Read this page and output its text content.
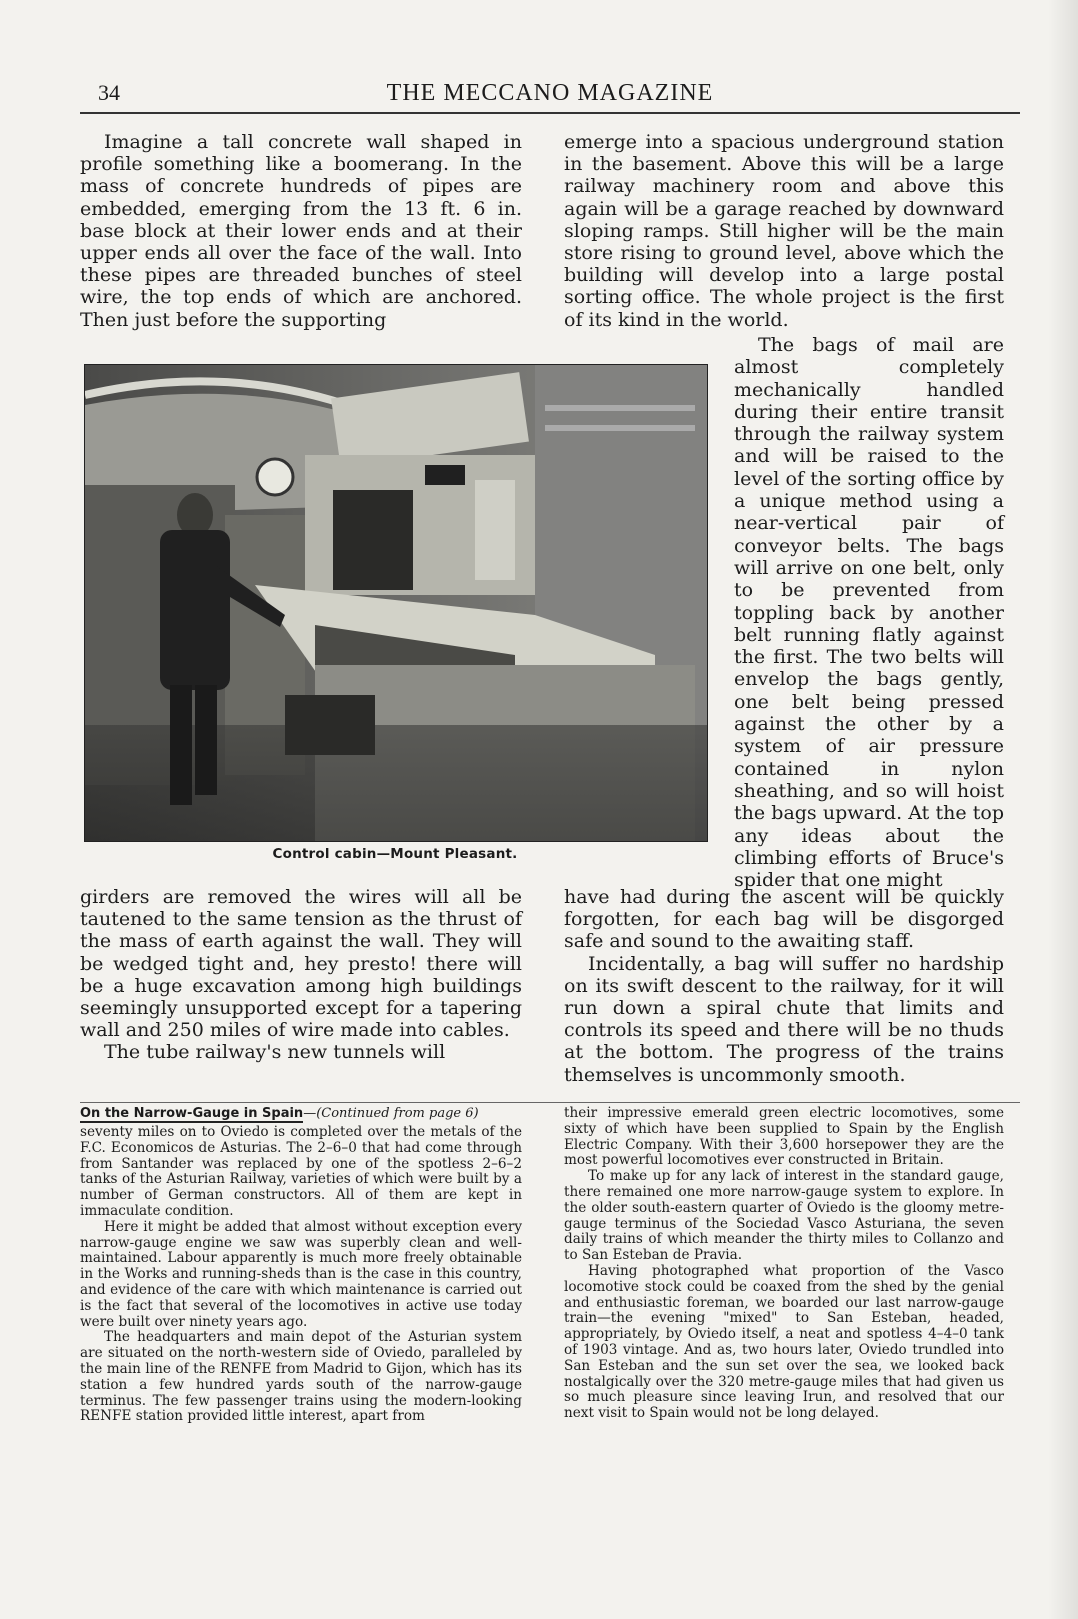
34	THE MECCANO MAGAZINE

Imagine a tall concrete wall shaped in profile something like a boomerang. In the mass of concrete hundreds of pipes are embedded, emerging from the 13 ft. 6 in. base block at their lower ends and at their upper ends all over the face of the wall. Into these pipes are threaded bunches of steel wire, the top ends of which are anchored. Then just before the supporting

emerge into a spacious underground station in the basement. Above this will be a large railway machinery room and above this again will be a garage reached by downward sloping ramps. Still higher will be the main store rising to ground level, above which the building will develop into a large postal sorting office. The whole project is the first of its kind in the world.

Control cabin—Mount Pleasant.

The bags of mail are almost completely mechanically handled during their entire transit through the railway system and will be raised to the level of the sorting office by a unique method using a near-vertical pair of conveyor belts. The bags will arrive on one belt, only to be prevented from toppling back by another belt running flatly against the first. The two belts will envelop the bags gently, one belt being pressed against the other by a system of air pressure contained in nylon sheathing, and so will hoist the bags upward. At the top any ideas about the climbing efforts of Bruce's spider that one might

girders are removed the wires will all be tautened to the same tension as the thrust of the mass of earth against the wall. They will be wedged tight and, hey presto! there will be a huge excavation among high buildings seemingly unsupported except for a tapering wall and 250 miles of wire made into cables.

The tube railway's new tunnels will

have had during the ascent will be quickly forgotten, for each bag will be disgorged safe and sound to the awaiting staff.

Incidentally, a bag will suffer no hardship on its swift descent to the railway, for it will run down a spiral chute that limits and controls its speed and there will be no thuds at the bottom. The progress of the trains themselves is uncommonly smooth.

On the Narrow-Gauge in Spain—(Continued from page 6)

seventy miles on to Oviedo is completed over the metals of the F.C. Economicos de Asturias. The 2–6–0 that had come through from Santander was replaced by one of the spotless 2–6–2 tanks of the Asturian Railway, varieties of which were built by a number of German constructors. All of them are kept in immaculate condition.

Here it might be added that almost without exception every narrow-gauge engine we saw was superbly clean and well-maintained. Labour apparently is much more freely obtainable in the Works and running-sheds than is the case in this country, and evidence of the care with which maintenance is carried out is the fact that several of the locomotives in active use today were built over ninety years ago.

The headquarters and main depot of the Asturian system are situated on the north-western side of Oviedo, paralleled by the main line of the RENFE from Madrid to Gijon, which has its station a few hundred yards south of the narrow-gauge terminus. The few passenger trains using the modern-looking RENFE station provided little interest, apart from

their impressive emerald green electric locomotives, some sixty of which have been supplied to Spain by the English Electric Company. With their 3,600 horsepower they are the most powerful locomotives ever constructed in Britain.

To make up for any lack of interest in the standard gauge, there remained one more narrow-gauge system to explore. In the older south-eastern quarter of Oviedo is the gloomy metre-gauge terminus of the Sociedad Vasco Asturiana, the seven daily trains of which meander the thirty miles to Collanzo and to San Esteban de Pravia.

Having photographed what proportion of the Vasco locomotive stock could be coaxed from the shed by the genial and enthusiastic foreman, we boarded our last narrow-gauge train—the evening "mixed" to San Esteban, headed, appropriately, by Oviedo itself, a neat and spotless 4–4–0 tank of 1903 vintage. And as, two hours later, Oviedo trundled into San Esteban and the sun set over the sea, we looked back nostalgically over the 320 metre-gauge miles that had given us so much pleasure since leaving Irun, and resolved that our next visit to Spain would not be long delayed.
